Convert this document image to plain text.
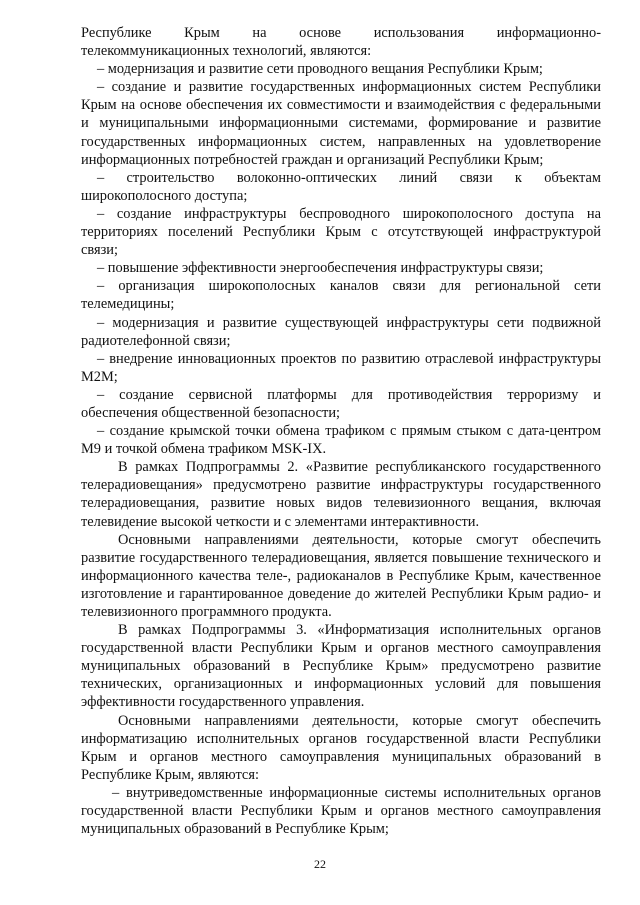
Республике Крым на основе использования информационно-телекоммуникационных технологий, являются:

– модернизация и развитие сети проводного вещания Республики Крым;

– создание и развитие государственных информационных систем Республики Крым на основе обеспечения их совместимости и взаимодействия с федеральными и муниципальными информационными системами, формирование и развитие государственных информационных систем, направленных на удовлетворение информационных потребностей граждан и организаций Республики Крым;

– строительство волоконно-оптических линий связи к объектам широкополосного доступа;

– создание инфраструктуры беспроводного широкополосного доступа на территориях поселений Республики Крым с отсутствующей инфраструктурой связи;

– повышение эффективности энергообеспечения инфраструктуры связи;

– организация широкополосных каналов связи для региональной сети телемедицины;

– модернизация и развитие существующей инфраструктуры сети подвижной радиотелефонной связи;

– внедрение инновационных проектов по развитию отраслевой инфраструктуры М2М;

– создание сервисной платформы для противодействия терроризму и обеспечения общественной безопасности;

– создание крымской точки обмена трафиком с прямым стыком с дата-центром М9 и точкой обмена трафиком MSK-IX.

В рамках Подпрограммы 2. «Развитие республиканского государственного телерадиовещания» предусмотрено развитие инфраструктуры государственного телерадиовещания, развитие новых видов телевизионного вещания, включая телевидение высокой четкости и с элементами интерактивности.

Основными направлениями деятельности, которые смогут обеспечить развитие государственного телерадиовещания, является повышение технического и информационного качества теле-, радиоканалов в Республике Крым, качественное изготовление и гарантированное доведение до жителей Республики Крым радио- и телевизионного программного продукта.

В рамках Подпрограммы 3. «Информатизация исполнительных органов государственной власти Республики Крым и органов местного самоуправления муниципальных образований в Республике Крым» предусмотрено развитие технических, организационных и информационных условий для повышения эффективности государственного управления.

Основными направлениями деятельности, которые смогут обеспечить информатизацию исполнительных органов государственной власти Республики Крым и органов местного самоуправления муниципальных образований в Республике Крым, являются:

– внутриведомственные информационные системы исполнительных органов государственной власти Республики Крым и органов местного самоуправления муниципальных образований в Республике Крым;

22
